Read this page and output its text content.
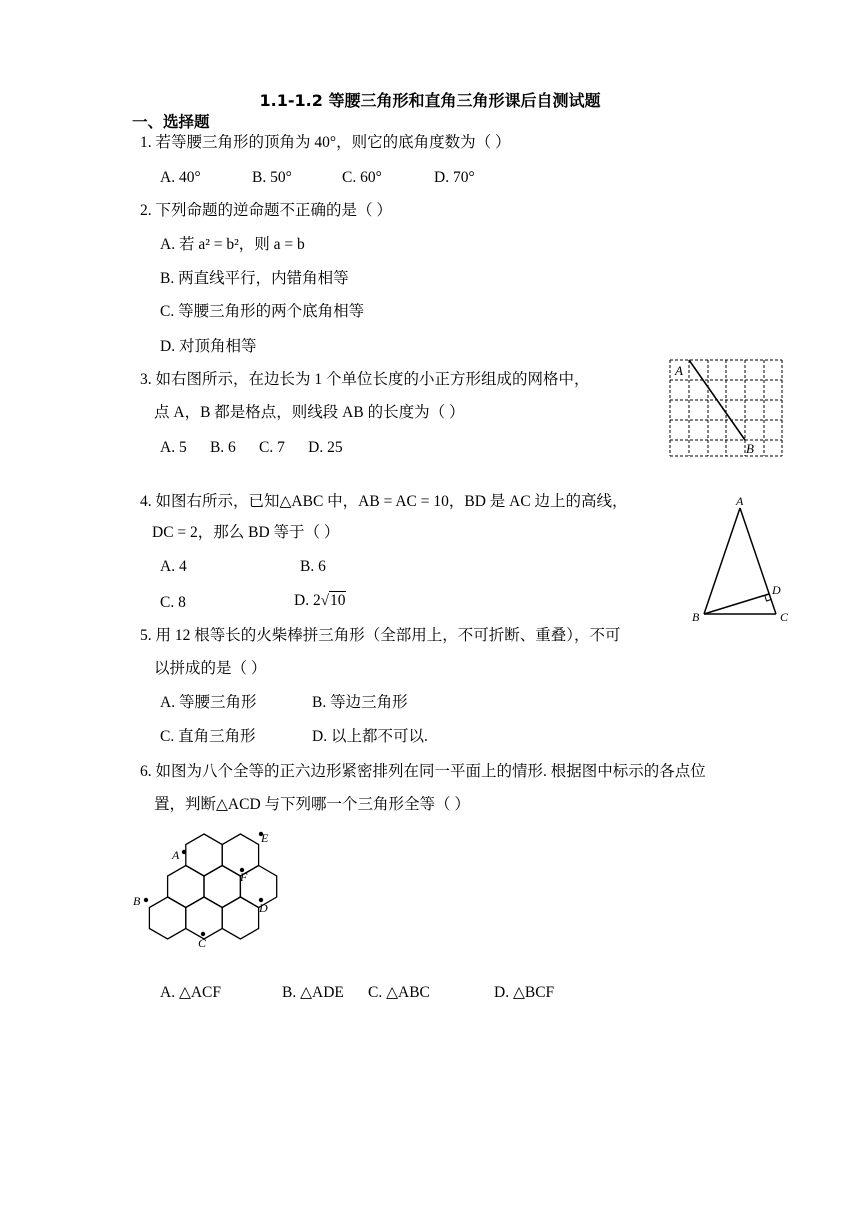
1.1-1.2 等腰三角形和直角三角形课后自测试题
一、选择题
1. 若等腰三角形的顶角为 40°，则它的底角度数为（ ）
A. 40°	B. 50°	C. 60°	D. 70°
2. 下列命题的逆命题不正确的是（ ）
A. 若 a² = b²，则 a = b
B. 两直线平行，内错角相等
C. 等腰三角形的两个底角相等
D. 对顶角相等
3. 如右图所示，在边长为 1 个单位长度的小正方形组成的网格中，
点 A，B 都是格点，则线段 AB 的长度为（ ）
A. 5      B. 6      C. 7      D. 25
A
B
4. 如图右所示，已知△ABC 中，AB = AC = 10，BD 是 AC 边上的高线，
DC = 2，那么 BD 等于（ ）
A. 4	B. 6
C. 8	D. 2√10
A
B	C
D
5. 用 12 根等长的火柴棒拼三角形（全部用上，不可折断、重叠），不可
以拼成的是（ ）
A. 等腰三角形	B. 等边三角形
C. 直角三角形	D. 以上都不可以.
6. 如图为八个全等的正六边形紧密排列在同一平面上的情形. 根据图中标示的各点位
置，判断△ACD 与下列哪一个三角形全等（ ）
A
B
C
D
E
F
A. △ACF	B. △ADE C. △ABC	D. △BCF
